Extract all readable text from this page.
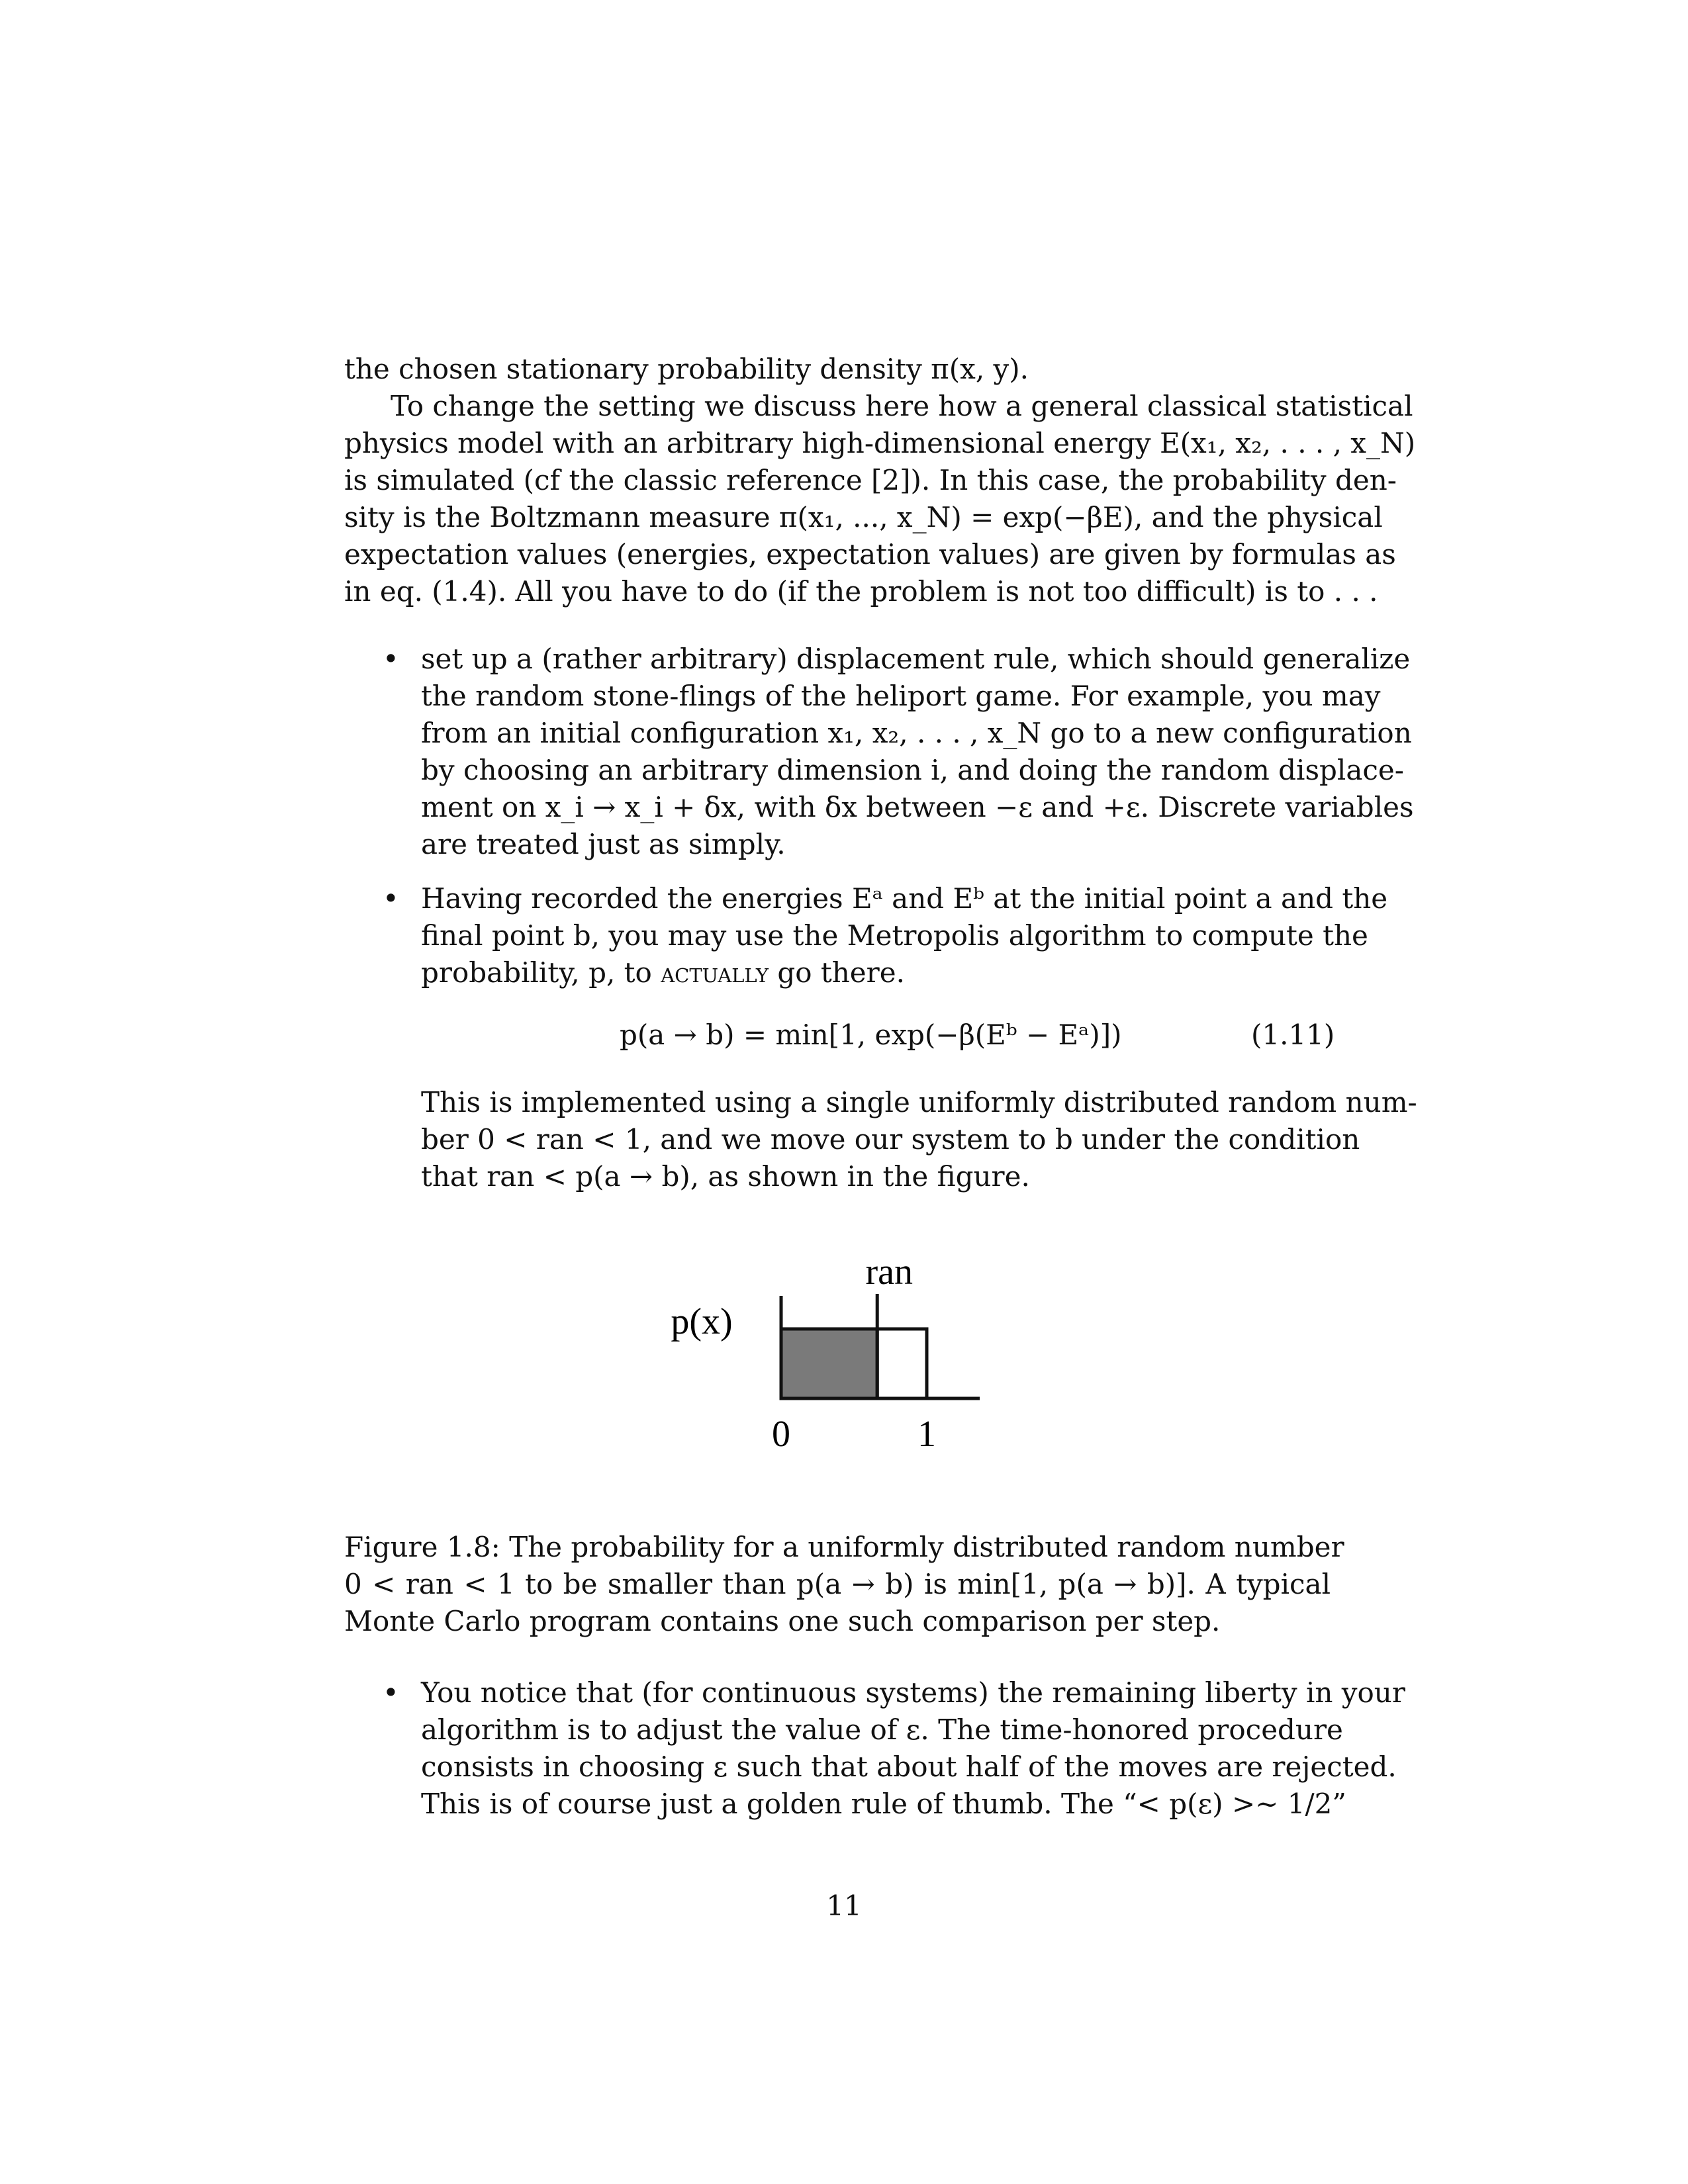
the chosen stationary probability density π(x, y).
To change the setting we discuss here how a general classical statistical
physics model with an arbitrary high-dimensional energy E(x₁, x₂, . . . , x_N)
is simulated (cf the classic reference [2]). In this case, the probability den-
sity is the Boltzmann measure π(x₁, ..., x_N) = exp(−βE), and the physical
expectation values (energies, expectation values) are given by formulas as
in eq. (1.4). All you have to do (if the problem is not too difficult) is to . . .
• set up a (rather arbitrary) displacement rule, which should generalize
the random stone-flings of the heliport game. For example, you may
from an initial configuration x₁, x₂, . . . , x_N go to a new configuration
by choosing an arbitrary dimension i, and doing the random displace-
ment on x_i → x_i + δx, with δx between −ε and +ε. Discrete variables
are treated just as simply.
• Having recorded the energies Eᵃ and Eᵇ at the initial point a and the
final point b, you may use the Metropolis algorithm to compute the
probability, p, to actually go there.
p(a → b) = min[1, exp(−β(Eᵇ − Eᵃ)])	(1.11)
This is implemented using a single uniformly distributed random num-
ber 0 < ran < 1, and we move our system to b under the condition
that ran < p(a → b), as shown in the figure.
ran
p(x)
0	1
Figure 1.8: The probability for a uniformly distributed random number
0 < ran < 1 to be smaller than p(a → b) is min[1, p(a → b)]. A typical
Monte Carlo program contains one such comparison per step.
• You notice that (for continuous systems) the remaining liberty in your
algorithm is to adjust the value of ε. The time-honored procedure
consists in choosing ε such that about half of the moves are rejected.
This is of course just a golden rule of thumb. The “< p(ε) >∼ 1/2”
11
